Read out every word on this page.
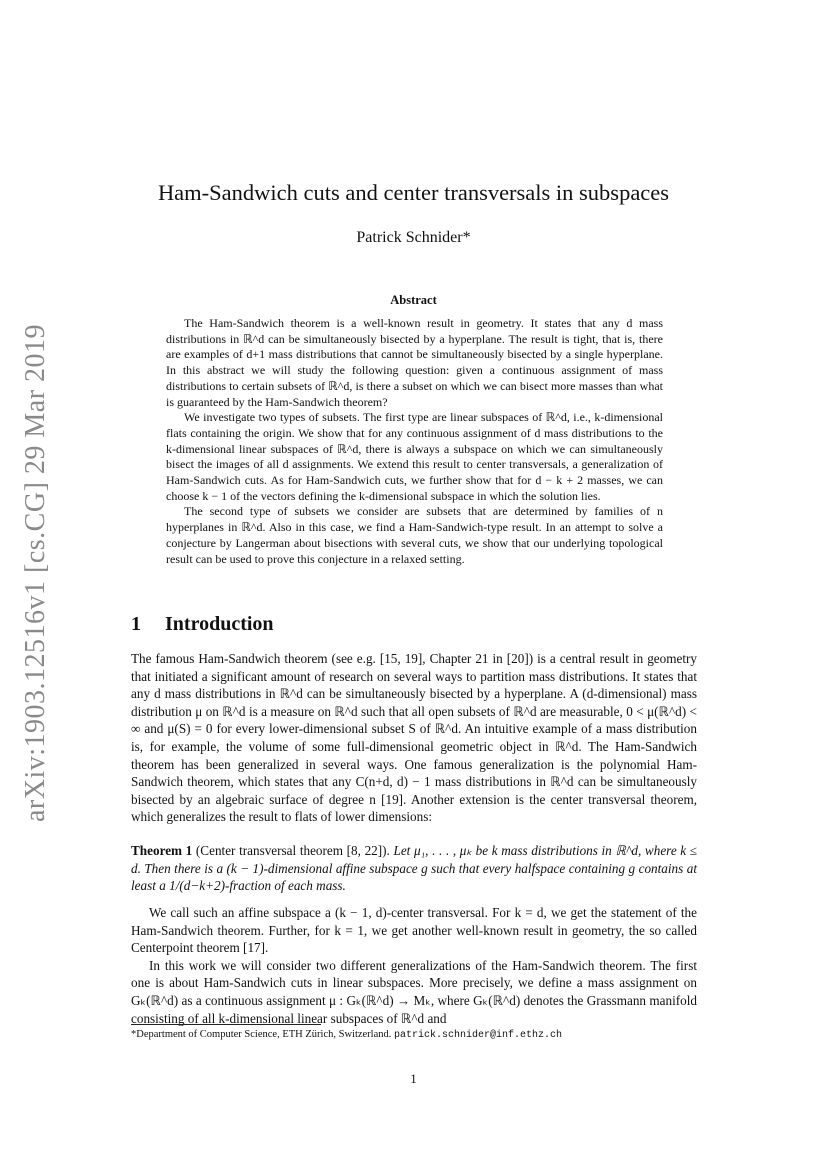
arXiv:1903.12516v1 [cs.CG] 29 Mar 2019
Ham-Sandwich cuts and center transversals in subspaces
Patrick Schnider*
Abstract

The Ham-Sandwich theorem is a well-known result in geometry. It states that any d mass distributions in ℝ^d can be simultaneously bisected by a hyperplane. The result is tight, that is, there are examples of d+1 mass distributions that cannot be simultaneously bisected by a single hyperplane. In this abstract we will study the following question: given a continuous assignment of mass distributions to certain subsets of ℝ^d, is there a subset on which we can bisect more masses than what is guaranteed by the Ham-Sandwich theorem?

We investigate two types of subsets. The first type are linear subspaces of ℝ^d, i.e., k-dimensional flats containing the origin. We show that for any continuous assignment of d mass distributions to the k-dimensional linear subspaces of ℝ^d, there is always a subspace on which we can simultaneously bisect the images of all d assignments. We extend this result to center transversals, a generalization of Ham-Sandwich cuts. As for Ham-Sandwich cuts, we further show that for d − k + 2 masses, we can choose k − 1 of the vectors defining the k-dimensional subspace in which the solution lies.

The second type of subsets we consider are subsets that are determined by families of n hyperplanes in ℝ^d. Also in this case, we find a Ham-Sandwich-type result. In an attempt to solve a conjecture by Langerman about bisections with several cuts, we show that our underlying topological result can be used to prove this conjecture in a relaxed setting.

1 Introduction

The famous Ham-Sandwich theorem (see e.g. [15, 19], Chapter 21 in [20]) is a central result in geometry that initiated a significant amount of research on several ways to partition mass distributions. It states that any d mass distributions in ℝ^d can be simultaneously bisected by a hyperplane. A (d-dimensional) mass distribution μ on ℝ^d is a measure on ℝ^d such that all open subsets of ℝ^d are measurable, 0 < μ(ℝ^d) < ∞ and μ(S) = 0 for every lower-dimensional subset S of ℝ^d. An intuitive example of a mass distribution is, for example, the volume of some full-dimensional geometric object in ℝ^d. The Ham-Sandwich theorem has been generalized in several ways. One famous generalization is the polynomial Ham-Sandwich theorem, which states that any C(n+d, d) − 1 mass distributions in ℝ^d can be simultaneously bisected by an algebraic surface of degree n [19]. Another extension is the center transversal theorem, which generalizes the result to flats of lower dimensions:

Theorem 1 (Center transversal theorem [8, 22]). Let μ₁, . . . , μₖ be k mass distributions in ℝ^d, where k ≤ d. Then there is a (k − 1)-dimensional affine subspace g such that every halfspace containing g contains at least a 1/(d−k+2)-fraction of each mass.

We call such an affine subspace a (k − 1, d)-center transversal. For k = d, we get the statement of the Ham-Sandwich theorem. Further, for k = 1, we get another well-known result in geometry, the so called Centerpoint theorem [17].

In this work we will consider two different generalizations of the Ham-Sandwich theorem. The first one is about Ham-Sandwich cuts in linear subspaces. More precisely, we define a mass assignment on Gₖ(ℝ^d) as a continuous assignment μ : Gₖ(ℝ^d) → Mₖ, where Gₖ(ℝ^d) denotes the Grassmann manifold consisting of all k-dimensional linear subspaces of ℝ^d and

*Department of Computer Science, ETH Zürich, Switzerland. patrick.schnider@inf.ethz.ch
1
